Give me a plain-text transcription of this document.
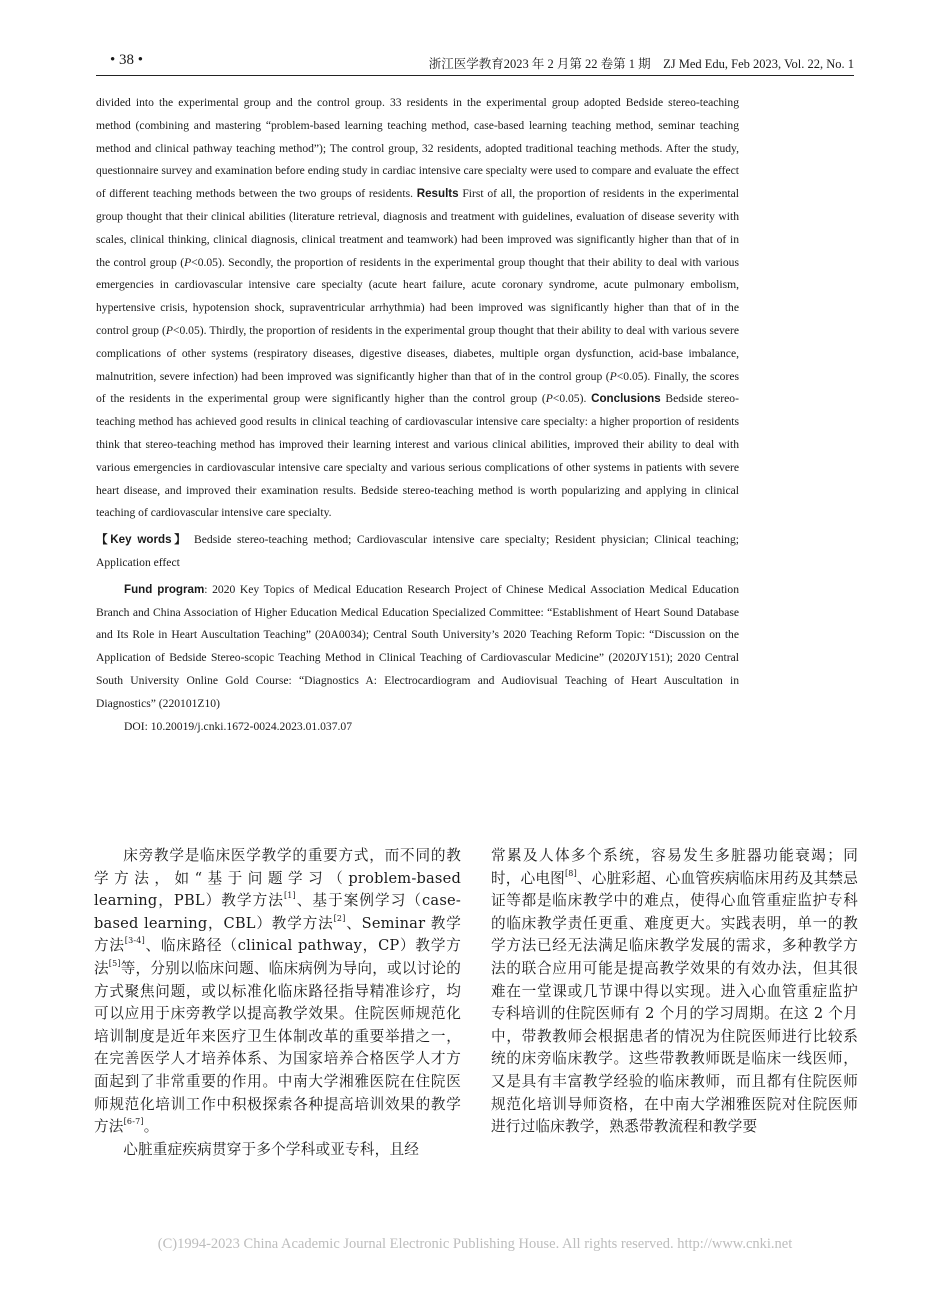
• 38 •	浙江医学教育2023 年 2 月第 22 卷第 1 期　ZJ Med Edu, Feb 2023, Vol. 22, No. 1

divided into the experimental group and the control group. 33 residents in the experimental group adopted Bedside stereo-teaching method (combining and mastering “problem-based learning teaching method, case-based learning teaching method, seminar teaching method and clinical pathway teaching method”); The control group, 32 residents, adopted traditional teaching methods. After the study, questionnaire survey and examination before ending study in cardiac intensive care specialty were used to compare and evaluate the effect of different teaching methods between the two groups of residents. Results First of all, the proportion of residents in the experimental group thought that their clinical abilities (literature retrieval, diagnosis and treatment with guidelines, evaluation of disease severity with scales, clinical thinking, clinical diagnosis, clinical treatment and teamwork) had been improved was significantly higher than that of in the control group (P<0.05). Secondly, the proportion of residents in the experimental group thought that their ability to deal with various emergencies in cardiovascular intensive care specialty (acute heart failure, acute coronary syndrome, acute pulmonary embolism, hypertensive crisis, hypotension shock, supraventricular arrhythmia) had been improved was significantly higher than that of in the control group (P<0.05). Thirdly, the proportion of residents in the experimental group thought that their ability to deal with various severe complications of other systems (respiratory diseases, digestive diseases, diabetes, multiple organ dysfunction, acid-base imbalance, malnutrition, severe infection) had been improved was significantly higher than that of in the control group (P<0.05). Finally, the scores of the residents in the experimental group were significantly higher than the control group (P<0.05). Conclusions Bedside stereo-teaching method has achieved good results in clinical teaching of cardiovascular intensive care specialty: a higher proportion of residents think that stereo-teaching method has improved their learning interest and various clinical abilities, improved their ability to deal with various emergencies in cardiovascular intensive care specialty and various serious complications of other systems in patients with severe heart disease, and improved their examination results. Bedside stereo-teaching method is worth popularizing and applying in clinical teaching of cardiovascular intensive care specialty.

【Key words】 Bedside stereo-teaching method; Cardiovascular intensive care specialty; Resident physician; Clinical teaching; Application effect

Fund program: 2020 Key Topics of Medical Education Research Project of Chinese Medical Association Medical Education Branch and China Association of Higher Education Medical Education Specialized Committee: “Establishment of Heart Sound Database and Its Role in Heart Auscultation Teaching” (20A0034); Central South University’s 2020 Teaching Reform Topic: “Discussion on the Application of Bedside Stereo-scopic Teaching Method in Clinical Teaching of Cardiovascular Medicine” (2020JY151); 2020 Central South University Online Gold Course: “Diagnostics A: Electrocardiogram and Audiovisual Teaching of Heart Auscultation in Diagnostics” (220101Z10)

DOI: 10.20019/j.cnki.1672-0024.2023.01.037.07

床旁教学是临床医学教学的重要方式，而不同的教学方法，如“基于问题学习（problem-based learning，PBL）教学方法[1]、基于案例学习（case-based learning，CBL）教学方法[2]、Seminar 教学方法[3-4]、临床路径（clinical pathway，CP）教学方法[5]等，分别以临床问题、临床病例为导向，或以讨论的方式聚焦问题，或以标准化临床路径指导精准诊疗，均可以应用于床旁教学以提高教学效果。住院医师规范化培训制度是近年来医疗卫生体制改革的重要举措之一，在完善医学人才培养体系、为国家培养合格医学人才方面起到了非常重要的作用。中南大学湘雅医院在住院医师规范化培训工作中积极探索各种提高培训效果的教学方法[6-7]。

心脏重症疾病贯穿于多个学科或亚专科，且经

常累及人体多个系统，容易发生多脏器功能衰竭；同时，心电图[8]、心脏彩超、心血管疾病临床用药及其禁忌证等都是临床教学中的难点，使得心血管重症监护专科的临床教学责任更重、难度更大。实践表明，单一的教学方法已经无法满足临床教学发展的需求，多种教学方法的联合应用可能是提高教学效果的有效办法，但其很难在一堂课或几节课中得以实现。进入心血管重症监护专科培训的住院医师有 2 个月的学习周期。在这 2 个月中，带教教师会根据患者的情况为住院医师进行比较系统的床旁临床教学。这些带教教师既是临床一线医师，又是具有丰富教学经验的临床教师，而且都有住院医师规范化培训导师资格，在中南大学湘雅医院对住院医师进行过临床教学，熟悉带教流程和教学要

(C)1994-2023 China Academic Journal Electronic Publishing House. All rights reserved. http://www.cnki.net
